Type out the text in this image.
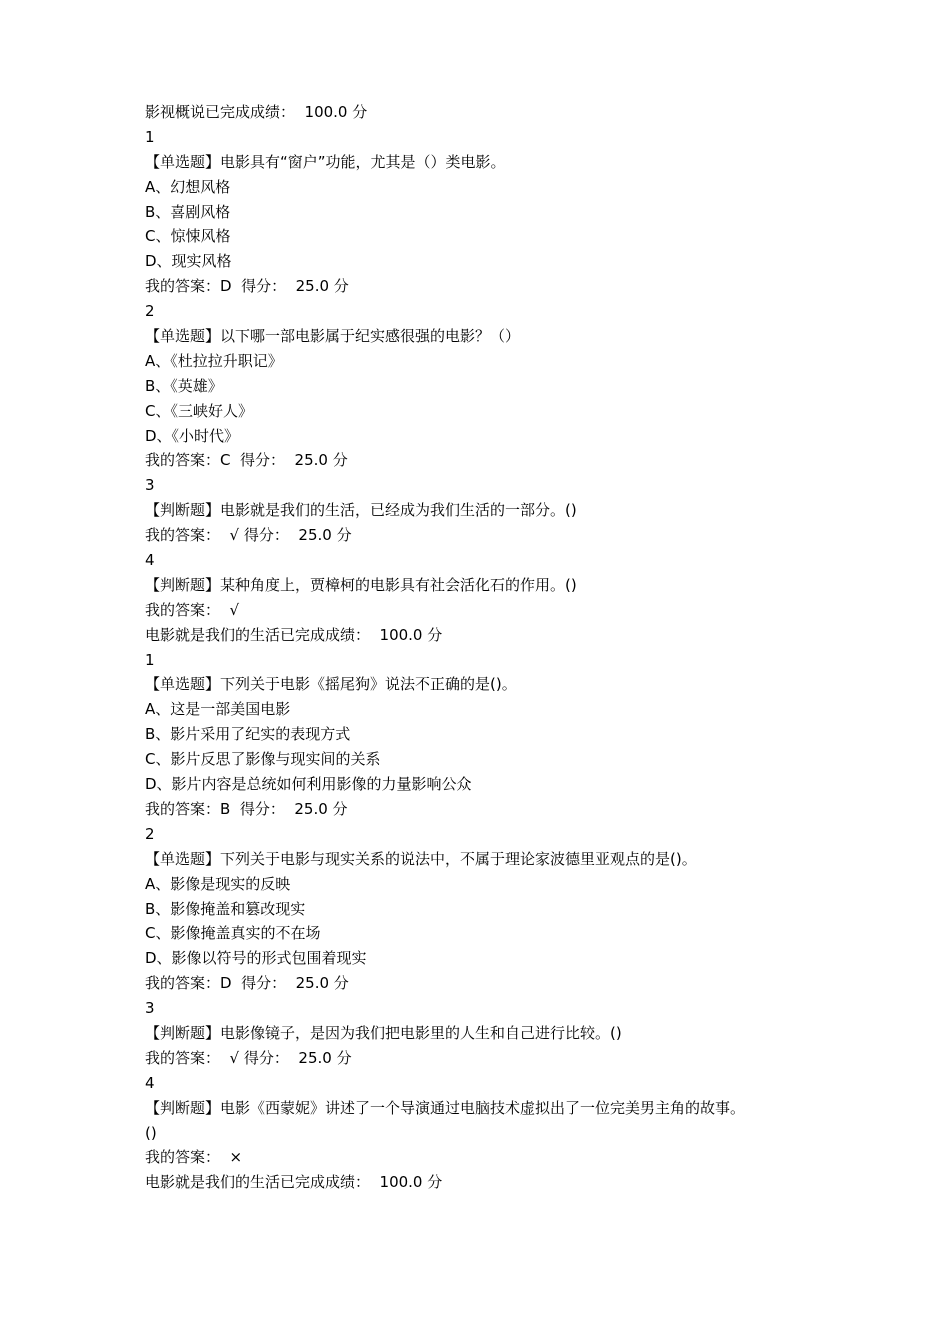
影视概说已完成成绩：  100.0 分
1
【单选题】电影具有“窗户”功能，尤其是（）类电影。
A、幻想风格
B、喜剧风格
C、惊悚风格
D、现实风格
我的答案：D  得分：  25.0 分
2
【单选题】以下哪一部电影属于纪实感很强的电影？（）
A、《杜拉拉升职记》
B、《英雄》
C、《三峡好人》
D、《小时代》
我的答案：C  得分：  25.0 分
3
【判断题】电影就是我们的生活，已经成为我们生活的一部分。()
我的答案：  √ 得分：  25.0 分
4
【判断题】某种角度上，贾樟柯的电影具有社会活化石的作用。()
我的答案：  √
电影就是我们的生活已完成成绩：  100.0 分
1
【单选题】下列关于电影《摇尾狗》说法不正确的是()。
A、这是一部美国电影
B、影片采用了纪实的表现方式
C、影片反思了影像与现实间的关系
D、影片内容是总统如何利用影像的力量影响公众
我的答案：B  得分：  25.0 分
2
【单选题】下列关于电影与现实关系的说法中，不属于理论家波德里亚观点的是()。
A、影像是现实的反映
B、影像掩盖和篡改现实
C、影像掩盖真实的不在场
D、影像以符号的形式包围着现实
我的答案：D  得分：  25.0 分
3
【判断题】电影像镜子，是因为我们把电影里的人生和自己进行比较。()
我的答案：  √ 得分：  25.0 分
4
【判断题】电影《西蒙妮》讲述了一个导演通过电脑技术虚拟出了一位完美男主角的故事。
()
我的答案：  ×
电影就是我们的生活已完成成绩：  100.0 分
